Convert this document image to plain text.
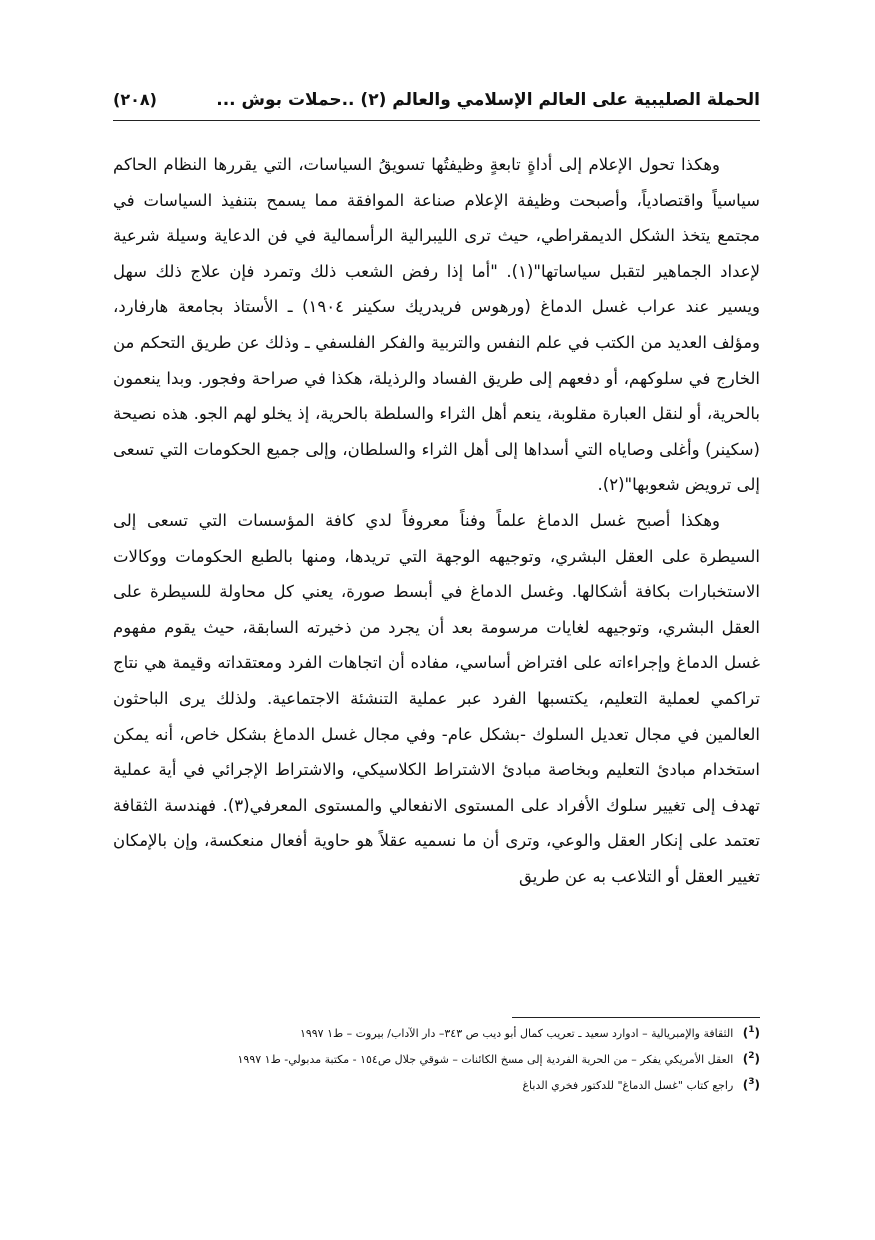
الحملة الصليبية على العالم الإسلامي والعالم (٢) ..حملات بوش ...
(٢٠٨)

وهكذا تحول الإعلام إلى أداةٍ تابعةٍ وظيفتُها تسويقُ السياسات، التي يقررها النظام الحاكم سياسياً واقتصادياً، وأصبحت وظيفة الإعلام صناعة الموافقة مما يسمح بتنفيذ السياسات في مجتمع يتخذ الشكل الديمقراطي، حيث ترى الليبرالية الرأسمالية في فن الدعاية وسيلة شرعية لإعداد الجماهير لتقبل سياساتها"(١). "أما إذا رفض الشعب ذلك وتمرد فإن علاج ذلك سهل ويسير عند عراب غسل الدماغ (ورهوس فريدريك سكينر ١٩٠٤) ـ الأستاذ بجامعة هارفارد، ومؤلف العديد من الكتب في علم النفس والتربية والفكر الفلسفي ـ وذلك عن طريق التحكم من الخارج في سلوكهم، أو دفعهم إلى طريق الفساد والرذيلة، هكذا في صراحة وفجور. وبدا ينعمون بالحرية، أو لنقل العبارة مقلوبة، ينعم أهل الثراء والسلطة بالحرية، إذ يخلو لهم الجو. هذه نصيحة (سكينر) وأغلى وصاياه التي أسداها إلى أهل الثراء والسلطان، وإلى جميع الحكومات التي تسعى إلى ترويض شعوبها"(٢).

وهكذا أصبح غسل الدماغ علماً وفناً معروفاً لدي كافة المؤسسات التي تسعى إلى السيطرة على العقل البشري، وتوجيهه الوجهة التي تريدها، ومنها بالطبع الحكومات ووكالات الاستخبارات بكافة أشكالها. وغسل الدماغ في أبسط صورة، يعني كل محاولة للسيطرة على العقل البشري، وتوجيهه لغايات مرسومة بعد أن يجرد من ذخيرته السابقة، حيث يقوم مفهوم غسل الدماغ وإجراءاته على افتراض أساسي، مفاده أن اتجاهات الفرد ومعتقداته وقيمة هي نتاج تراكمي لعملية التعليم، يكتسبها الفرد عبر عملية التنشئة الاجتماعية. ولذلك يرى الباحثون العالمين في مجال تعديل السلوك -بشكل عام- وفي مجال غسل الدماغ بشكل خاص، أنه يمكن استخدام مبادئ التعليم وبخاصة مبادئ الاشتراط الكلاسيكي، والاشتراط الإجرائي في أية عملية تهدف إلى تغيير سلوك الأفراد على المستوى الانفعالي والمستوى المعرفي(٣). فهندسة الثقافة تعتمد على إنكار العقل والوعي، وترى أن ما نسميه عقلاً هو حاوية أفعال منعكسة، وإن بالإمكان تغيير العقل أو التلاعب به عن طريق

($^1$) الثقافة والإمبريالية – ادوارد سعيد ـ تعريب كمال أبو ديب ص ٣٤٣– دار الآداب/ بيروت – ط١ ١٩٩٧

($^2$) العقل الأمريكي يفكر – من الحرية الفردية إلى مسخ الكائنات – شوقي جلال ص١٥٤ - مكتبة مدبولي- ط١ ١٩٩٧

($^3$) راجع كتاب "غسل الدماغ" للدكتور فخري الدباغ
